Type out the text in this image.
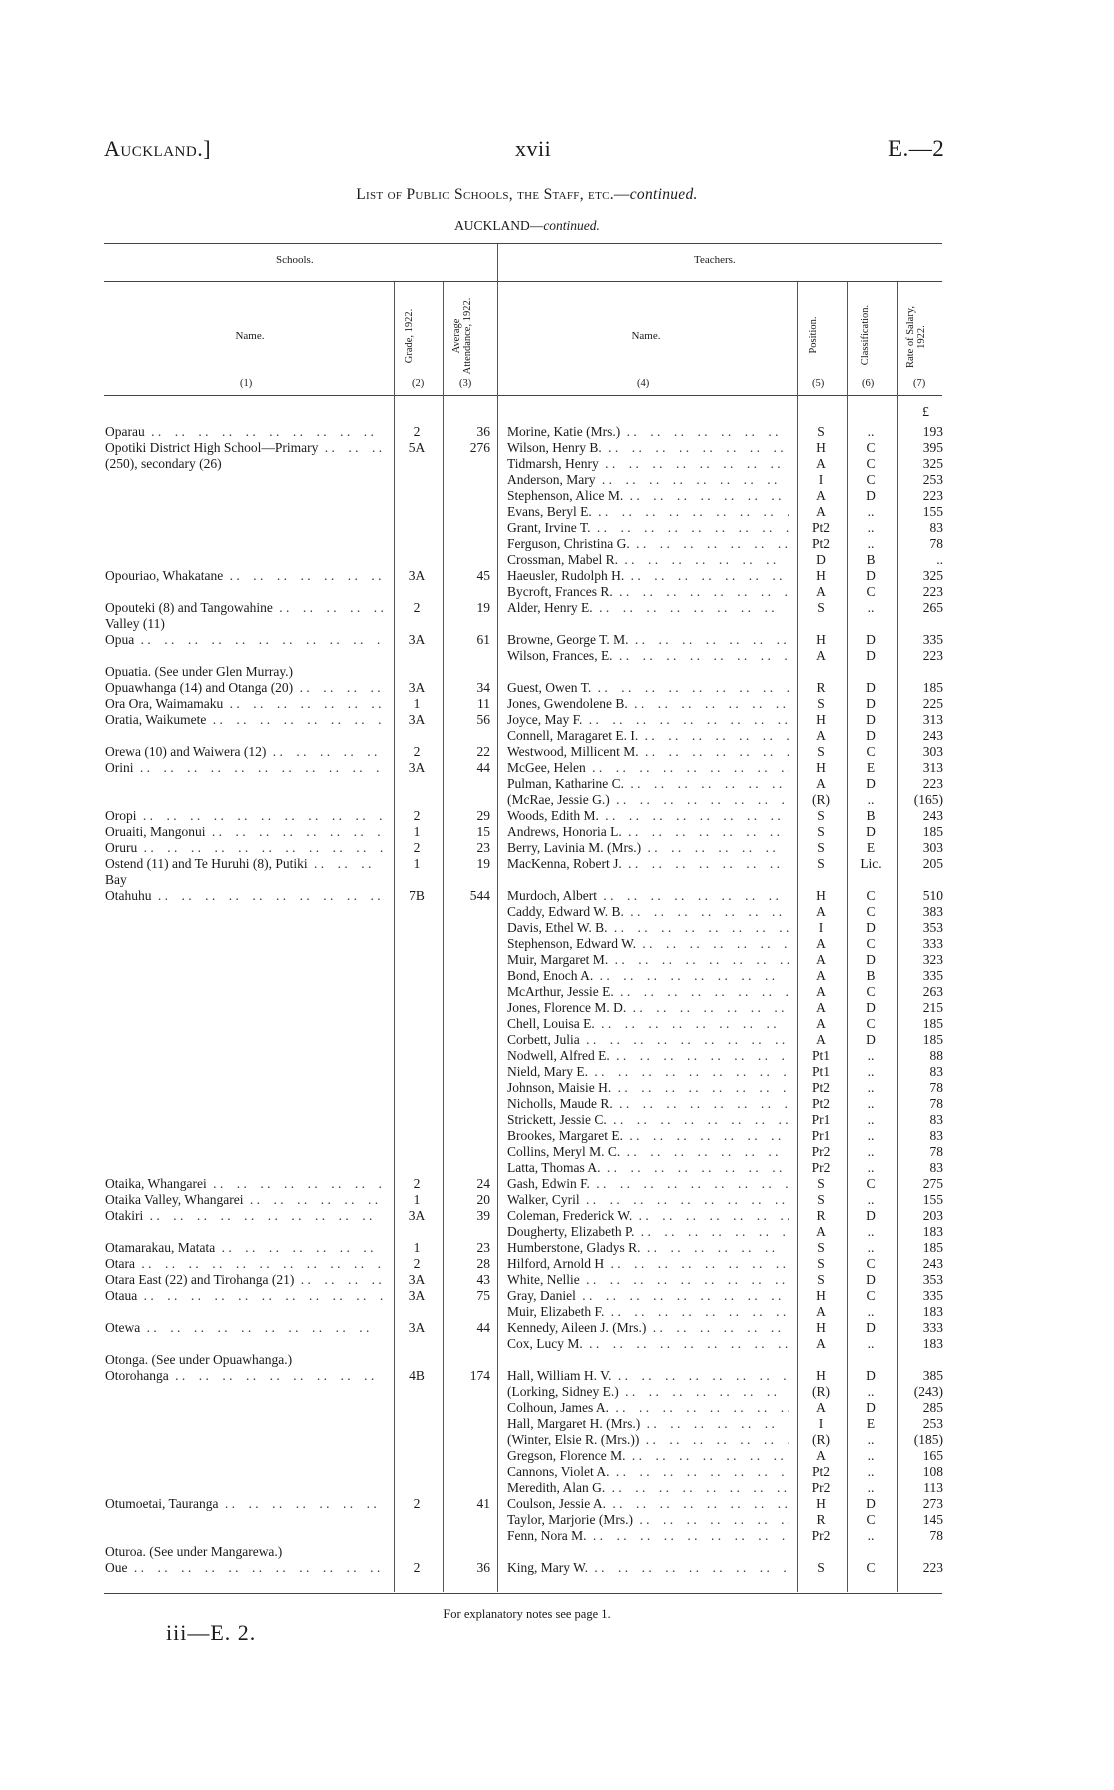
Auckland.]	xvii	E.—2
List of Public Schools, the Staff, etc.—continued.
AUCKLAND—continued.
Schools.	Teachers.
Name.	Grade, 1922.	Average Attendance, 1922.	Name.	Position.	Classification.	Rate of Salary, 1922.
(1)	(2)	(3)	(4)	(5)	(6)	(7)
£
Oparau . .	2	36 Morine, Katie (Mrs.) . .	S	..	193
Opotiki District High School—Primary . .	5A	276 Wilson, Henry B. . .	H	C	395
(250), secondary (26)	Tidmarsh, Henry . .	A	C	325
Anderson, Mary . .	I	C	253
Stephenson, Alice M. . .	A	D	223
Evans, Beryl E. . .	A	..	155
Grant, Irvine T. . .	Pt2	..	83
Ferguson, Christina G. . .	Pt2	..	78
Crossman, Mabel R. . .	D	B	..
Opouriao, Whakatane . .	3A	45 Haeusler, Rudolph H. . .	H	D	325
Bycroft, Frances R. . .	A	C	223
Opouteki (8) and Tangowahine . .	2	19 Alder, Henry E. . .	S	..	265
Valley (11)
Opua . .	3A	61 Browne, George T. M. . .	H	D	335
Wilson, Frances, E. . .	A	D	223
Opuatia. (See under Glen Murray.)
Opuawhanga (14) and Otanga (20) . .	3A	34 Guest, Owen T. . .	R	D	185
Ora Ora, Waimamaku . .	1	11 Jones, Gwendolene B. . .	S	D	225
Oratia, Waikumete . .	3A	56 Joyce, May F. . .	H	D	313
Connell, Maragaret E. I. . .	A	D	243
Orewa (10) and Waiwera (12) . .	2	22 Westwood, Millicent M. . .	S	C	303
Orini . .	3A	44 McGee, Helen . .	H	E	313
Pulman, Katharine C. . .	A	D	223
(McRae, Jessie G.) . .	(R)	..	(165)
Oropi . .	2	29 Woods, Edith M. . .	S	B	243
Oruaiti, Mangonui . .	1	15 Andrews, Honoria L. . .	S	D	185
Oruru . .	2	23 Berry, Lavinia M. (Mrs.) . .	S	E	303
Ostend (11) and Te Huruhi (8), Putiki . .	1	19 MacKenna, Robert J. . .	S	Lic.	205
Bay
Otahuhu . .	7B	544 Murdoch, Albert . .	H	C	510
Caddy, Edward W. B. . .	A	C	383
Davis, Ethel W. B. . .	I	D	353
Stephenson, Edward W. . .	A	C	333
Muir, Margaret M. . .	A	D	323
Bond, Enoch A. . .	A	B	335
McArthur, Jessie E. . .	A	C	263
Jones, Florence M. D. . .	A	D	215
Chell, Louisa E. . .	A	C	185
Corbett, Julia . .	A	D	185
Nodwell, Alfred E. . .	Pt1	..	88
Nield, Mary E. . .	Pt1	..	83
Johnson, Maisie H. . .	Pt2	..	78
Nicholls, Maude R. . .	Pt2	..	78
Strickett, Jessie C. . .	Pr1	..	83
Brookes, Margaret E. . .	Pr1	..	83
Collins, Meryl M. C. . .	Pr2	..	78
Latta, Thomas A. . .	Pr2	..	83
Otaika, Whangarei . .	2	24 Gash, Edwin F. . .	S	C	275
Otaika Valley, Whangarei . .	1	20 Walker, Cyril . .	S	..	155
Otakiri . .	3A	39 Coleman, Frederick W. . .	R	D	203
Dougherty, Elizabeth P. . .	A	..	183
Otamarakau, Matata . .	1	23 Humberstone, Gladys R. . .	S	..	185
Otara . .	2	28 Hilford, Arnold H . .	S	C	243
Otara East (22) and Tirohanga (21) . .	3A	43 White, Nellie . .	S	D	353
Otaua . .	3A	75 Gray, Daniel . .	H	C	335
Muir, Elizabeth F. . .	A	..	183
Otewa . .	3A	44 Kennedy, Aileen J. (Mrs.) . .	H	D	333
Cox, Lucy M. . .	A	..	183
Otonga. (See under Opuawhanga.)
Otorohanga . .	4B	174 Hall, William H. V. . .	H	D	385
(Lorking, Sidney E.) . .	(R)	..	(243)
Colhoun, James A. . .	A	D	285
Hall, Margaret H. (Mrs.) . .	I	E	253
(Winter, Elsie R. (Mrs.)) . .	(R)	..	(185)
Gregson, Florence M. . .	A	..	165
Cannons, Violet A. . .	Pt2	..	108
Meredith, Alan G. . .	Pr2	..	113
Otumoetai, Tauranga . .	2	41 Coulson, Jessie A. . .	H	D	273
Taylor, Marjorie (Mrs.) . .	R	C	145
Fenn, Nora M. . .	Pr2	..	78
Oturoa. (See under Mangarewa.)
Oue . .	2	36 King, Mary W. . .	S	C	223
For explanatory notes see page 1.
iii—E. 2.
